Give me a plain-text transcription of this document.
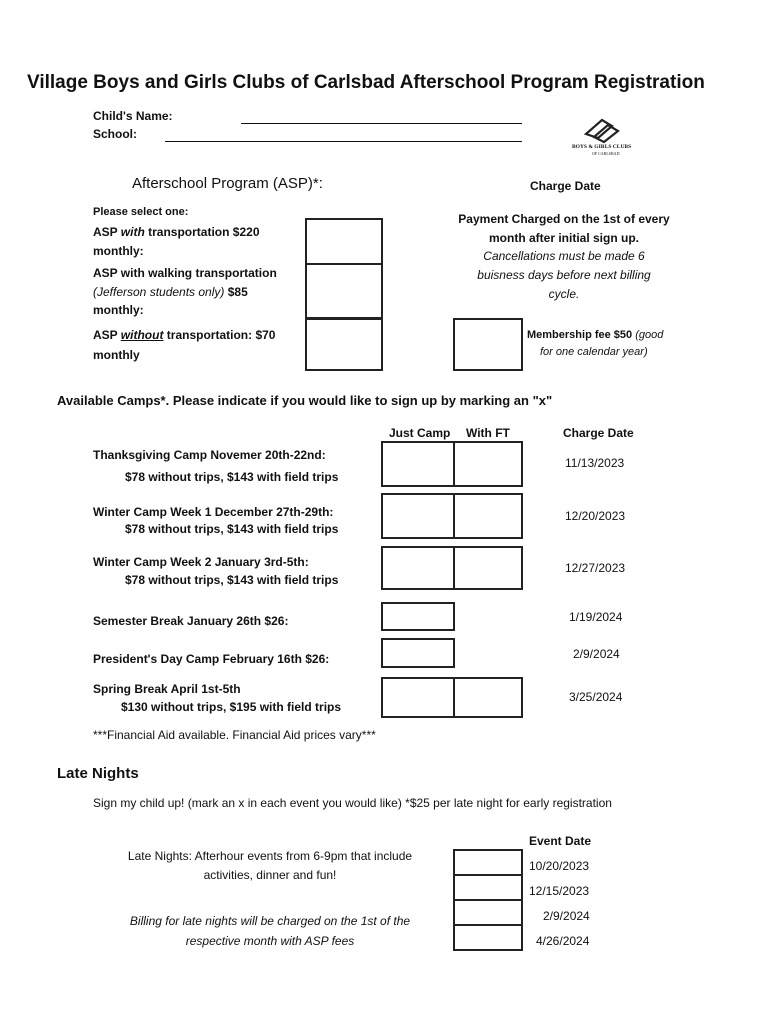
Village Boys and Girls Clubs of Carlsbad Afterschool Program Registration
Child's Name:
School:
BOYS & GIRLS CLUBS
OF CARLSBAD
Afterschool Program (ASP)*:	Charge Date
Please select one:
ASP with transportation $220
monthly:
ASP with walking transportation
(Jefferson students only) $85
monthly:
ASP without transportation: $70
monthly
Payment Charged on the 1st of every
month after initial sign up.
Cancellations must be made 6
buisness days before next billing
cycle.
Membership fee $50 (good
for one calendar year)
Available Camps*. Please indicate if you would like to sign up by marking an "x"
Just Camp With FT	Charge Date
Thanksgiving Camp Novemer 20th-22nd:
$78 without trips, $143 with field trips
11/13/2023
Winter Camp Week 1 December 27th-29th:
$78 without trips, $143 with field trips
12/20/2023
Winter Camp Week 2 January 3rd-5th:
$78 without trips, $143 with field trips
12/27/2023
Semester Break January 26th $26:	1/19/2024
President's Day Camp February 16th $26:	2/9/2024
Spring Break April 1st-5th
$130 without trips, $195 with field trips
3/25/2024
***Financial Aid available. Financial Aid prices vary***
Late Nights
Sign my child up! (mark an x in each event you would like) *$25 per late night for early registration
Event Date
Late Nights: Afterhour events from 6-9pm that include
activities, dinner and fun!
Billing for late nights will be charged on the 1st of the
respective month with ASP fees
10/20/2023
12/15/2023
2/9/2024
4/26/2024
